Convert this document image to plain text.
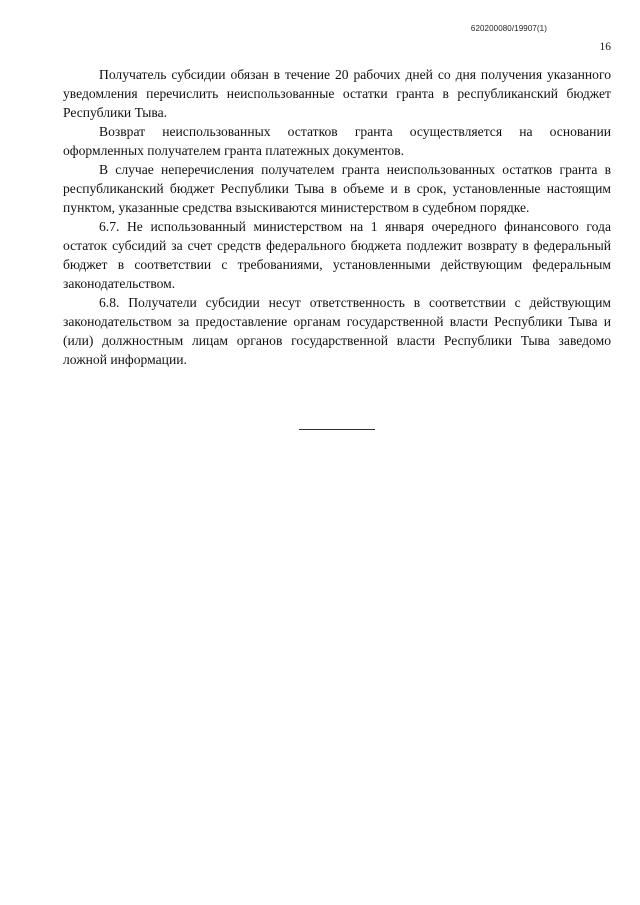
620200080/19907(1)
16

Получатель субсидии обязан в течение 20 рабочих дней со дня получения указанного уведомления перечислить неиспользованные остатки гранта в республиканский бюджет Республики Тыва.

Возврат неиспользованных остатков гранта осуществляется на основании оформленных получателем гранта платежных документов.

В случае неперечисления получателем гранта неиспользованных остатков гранта в республиканский бюджет Республики Тыва в объеме и в срок, установленные настоящим пунктом, указанные средства взыскиваются министерством в судебном порядке.

6.7. Не использованный министерством на 1 января очередного финансового года остаток субсидий за счет средств федерального бюджета подлежит возврату в федеральный бюджет в соответствии с требованиями, установленными действующим федеральным законодательством.

6.8. Получатели субсидии несут ответственность в соответствии с действующим законодательством за предоставление органам государственной власти Республики Тыва и (или) должностным лицам органов государственной власти Республики Тыва заведомо ложной информации.
